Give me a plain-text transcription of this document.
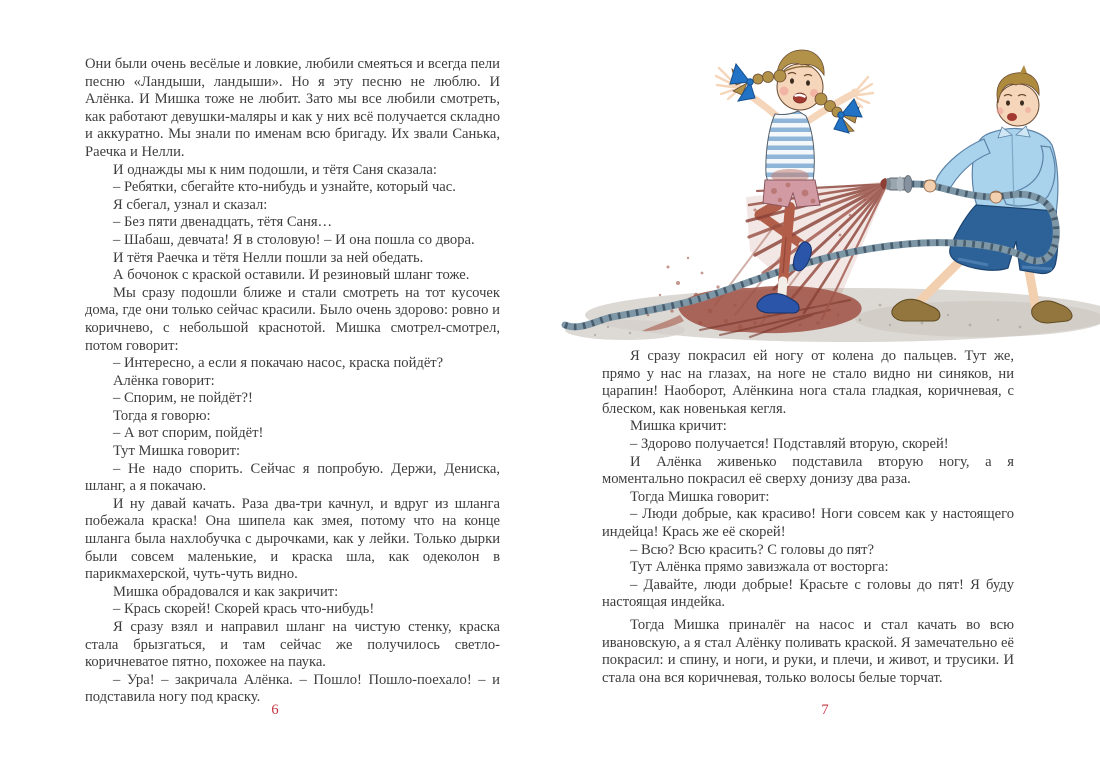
Они были очень весёлые и ловкие, любили смеяться и всегда пели песню «Ландыши, ландыши». Но я эту песню не люблю. И Алёнка. И Мишка тоже не любит. Зато мы все любили смотреть, как работают девушки-маляры и как у них всё получается складно и аккуратно. Мы знали по именам всю бригаду. Их звали Санька, Раечка и Нелли.

И однажды мы к ним подошли, и тётя Саня сказала:

– Ребятки, сбегайте кто-нибудь и узнайте, который час.

Я сбегал, узнал и сказал:

– Без пяти двенадцать, тётя Саня…

– Шабаш, девчата! Я в столовую! – И она пошла со двора.

И тётя Раечка и тётя Нелли пошли за ней обедать.

А бочонок с краской оставили. И резиновый шланг тоже.

Мы сразу подошли ближе и стали смотреть на тот кусочек дома, где они только сейчас красили. Было очень здорово: ровно и коричнево, с небольшой краснотой. Мишка смотрел-смотрел, потом говорит:

– Интересно, а если я покачаю насос, краска пойдёт?

Алёнка говорит:

– Спорим, не пойдёт?!

Тогда я говорю:

– А вот спорим, пойдёт!

Тут Мишка говорит:

– Не надо спорить. Сейчас я попробую. Держи, Дениска, шланг, а я покачаю.

И ну давай качать. Раза два-три качнул, и вдруг из шланга побежала краска! Она шипела как змея, потому что на конце шланга была нахлобучка с дырочками, как у лейки. Только дырки были совсем маленькие, и краска шла, как одеколон в парикмахерской, чуть-чуть видно.

Мишка обрадовался и как закричит:

– Крась скорей! Скорей крась что-нибудь!

Я сразу взял и направил шланг на чистую стенку, краска стала брызгаться, и там сейчас же получилось светло-коричневатое пятно, похожее на паука.

– Ура! – закричала Алёнка. – Пошло! Пошло-поехало! – и подставила ногу под краску.

Я сразу покрасил ей ногу от колена до пальцев. Тут же, прямо у нас на глазах, на ноге не стало видно ни синяков, ни царапин! Наоборот, Алёнкина нога стала гладкая, коричневая, с блеском, как новенькая кегля.

Мишка кричит:

– Здорово получается! Подставляй вторую, скорей!

И Алёнка живенько подставила вторую ногу, а я моментально покрасил её сверху донизу два раза.

Тогда Мишка говорит:

– Люди добрые, как красиво! Ноги совсем как у настоящего индейца! Крась же её скорей!

– Всю? Всю красить? С головы до пят?

Тут Алёнка прямо завизжала от восторга:

– Давайте, люди добрые! Красьте с головы до пят! Я буду настоящая индейка.

Тогда Мишка приналёг на насос и стал качать во всю ивановскую, а я стал Алёнку поливать краской. Я замечательно её покрасил: и спину, и ноги, и руки, и плечи, и живот, и трусики. И стала она вся коричневая, только волосы белые торчат.

6	7
